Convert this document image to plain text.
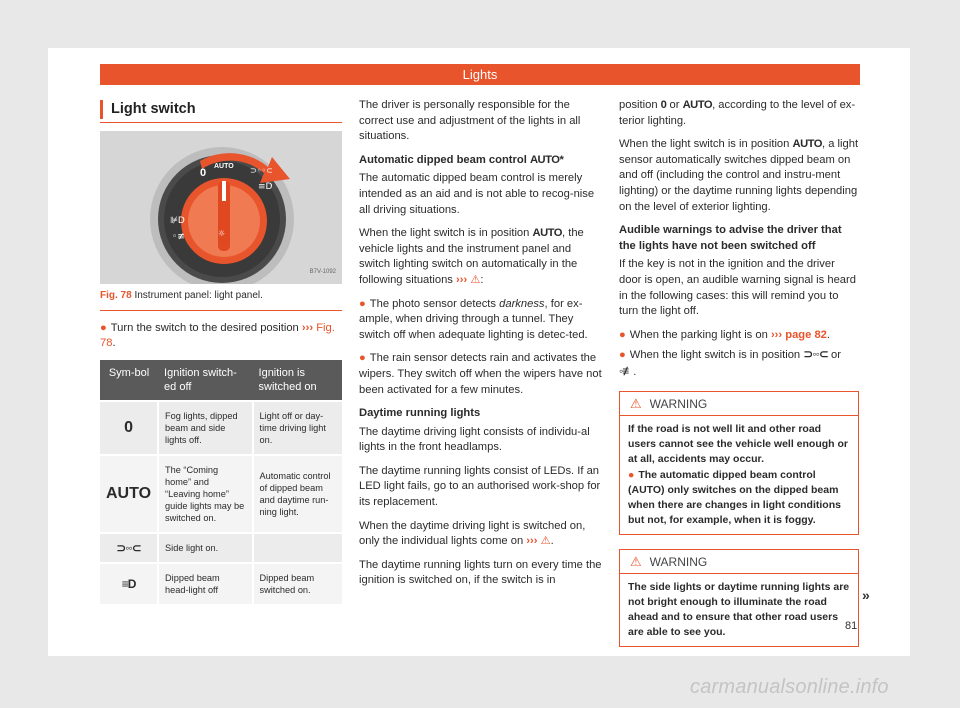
Lights
Light switch
0
AUTO ⊃◦◦⊂
≡D
⊯D
◦≢	☼
B7V-1092
Fig. 78 Instrument panel: light panel.

● Turn the switch to the desired position ››› Fig. 78.

Sym-bol	Ignition switch-ed off	Ignition is switched on
0	Fog lights, dipped beam and side lights off.	Light off or day-time driving light on.
AUTO	The “Coming home” and “Leaving home” guide lights may be switched on.	Automatic control of dipped beam and daytime run-ning light.
⊃◦◦⊂	Side light on.	
≡D	Dipped beam head-light off	Dipped beam switched on.

The driver is personally responsible for the correct use and adjustment of the lights in all situations.

Automatic dipped beam control AUTO*

The automatic dipped beam control is merely intended as an aid and is not able to recog-nise all driving situations.

When the light switch is in position AUTO, the vehicle lights and the instrument panel and switch lighting switch on automatically in the following situations ››› ⚠:

● The photo sensor detects darkness, for ex-ample, when driving through a tunnel. They switch off when adequate lighting is detec-ted.

● The rain sensor detects rain and activates the wipers. They switch off when the wipers have not been activated for a few minutes.

Daytime running lights

The daytime driving light consists of individu-al lights in the front headlamps.

The daytime running lights consist of LEDs. If an LED light fails, go to an authorised work-shop for its replacement.

When the daytime driving light is switched on, only the individual lights come on ››› ⚠.

The daytime running lights turn on every time the ignition is switched on, if the switch is in

position 0 or AUTO, according to the level of ex-terior lighting.

When the light switch is in position AUTO, a light sensor automatically switches dipped beam on and off (including the control and instru-ment lighting) or the daytime running lights depending on the level of exterior lighting.

Audible warnings to advise the driver that the lights have not been switched off

If the key is not in the ignition and the driver door is open, an audible warning signal is heard in the following cases: this will remind you to turn the light off.

● When the parking light is on ››› page 82.

● When the light switch is in position ⊃◦◦⊂ or ◦≢.

⚠ WARNING
If the road is not well lit and other road users cannot see the vehicle well enough or at all, accidents may occur.
● The automatic dipped beam control (AUTO) only switches on the dipped beam when there are changes in light conditions but not, for example, when it is foggy.
⚠ WARNING
The side lights or daytime running lights are not bright enough to illuminate the road ahead and to ensure that other road users are able to see you.
»
81
carmanualsonline.info
